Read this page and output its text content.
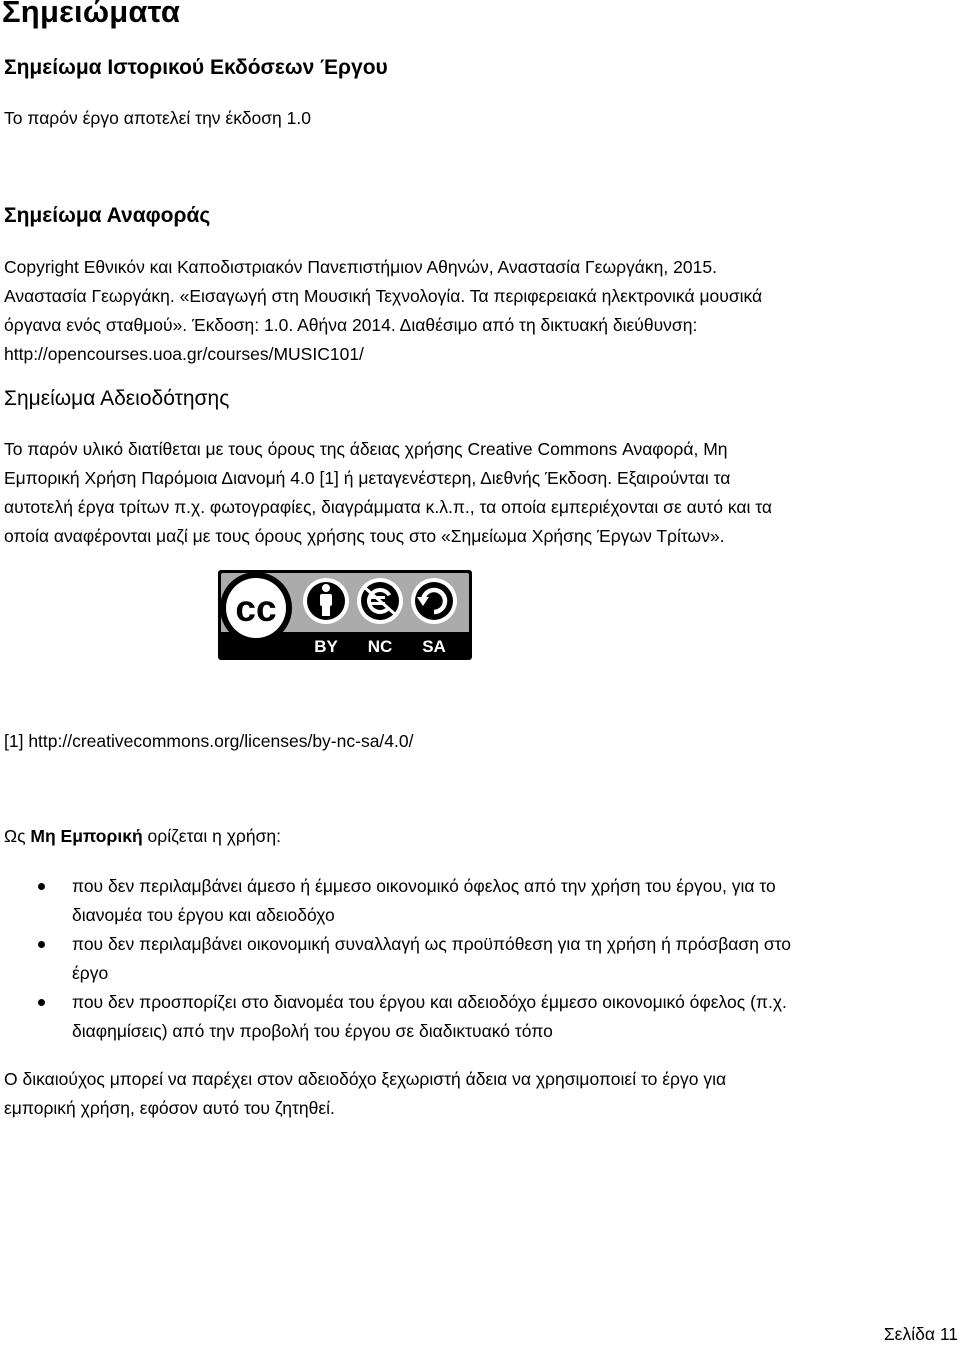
Σημειώματα
Σημείωμα Ιστορικού Εκδόσεων Έργου
Το παρόν έργο αποτελεί την έκδοση 1.0
Σημείωμα Αναφοράς
Copyright Εθνικόν και Καποδιστριακόν Πανεπιστήμιον Αθηνών, Αναστασία Γεωργάκη, 2015.
Αναστασία Γεωργάκη. «Εισαγωγή στη Μουσική Τεχνολογία. Τα περιφερειακά ηλεκτρονικά μουσικά
όργανα ενός σταθμού». Έκδοση: 1.0. Αθήνα 2014. Διαθέσιμο από τη δικτυακή διεύθυνση:
http://opencourses.uoa.gr/courses/MUSIC101/
Σημείωμα Αδειοδότησης
Το παρόν υλικό διατίθεται με τους όρους της άδειας χρήσης Creative Commons Αναφορά, Μη
Εμπορική Χρήση Παρόμοια Διανομή 4.0 [1] ή μεταγενέστερη, Διεθνής Έκδοση. Εξαιρούνται τα
αυτοτελή έργα τρίτων π.χ. φωτογραφίες, διαγράμματα κ.λ.π., τα οποία εμπεριέχονται σε αυτό και τα
οποία αναφέρονται μαζί με τους όρους χρήσης τους στο «Σημείωμα Χρήσης Έργων Τρίτων».
cc
BY NC SA
[1] http://creativecommons.org/licenses/by-nc-sa/4.0/
Ως Μη Εμπορική ορίζεται η χρήση:
που δεν περιλαμβάνει άμεσο ή έμμεσο οικονομικό όφελος από την χρήση του έργου, για το
διανομέα του έργου και αδειοδόχο
που δεν περιλαμβάνει οικονομική συναλλαγή ως προϋπόθεση για τη χρήση ή πρόσβαση στο
έργο
που δεν προσπορίζει στο διανομέα του έργου και αδειοδόχο έμμεσο οικονομικό όφελος (π.χ.
διαφημίσεις) από την προβολή του έργου σε διαδικτυακό τόπο
Ο δικαιούχος μπορεί να παρέχει στον αδειοδόχο ξεχωριστή άδεια να χρησιμοποιεί το έργο για
εμπορική χρήση, εφόσον αυτό του ζητηθεί.
Σελίδα 11
